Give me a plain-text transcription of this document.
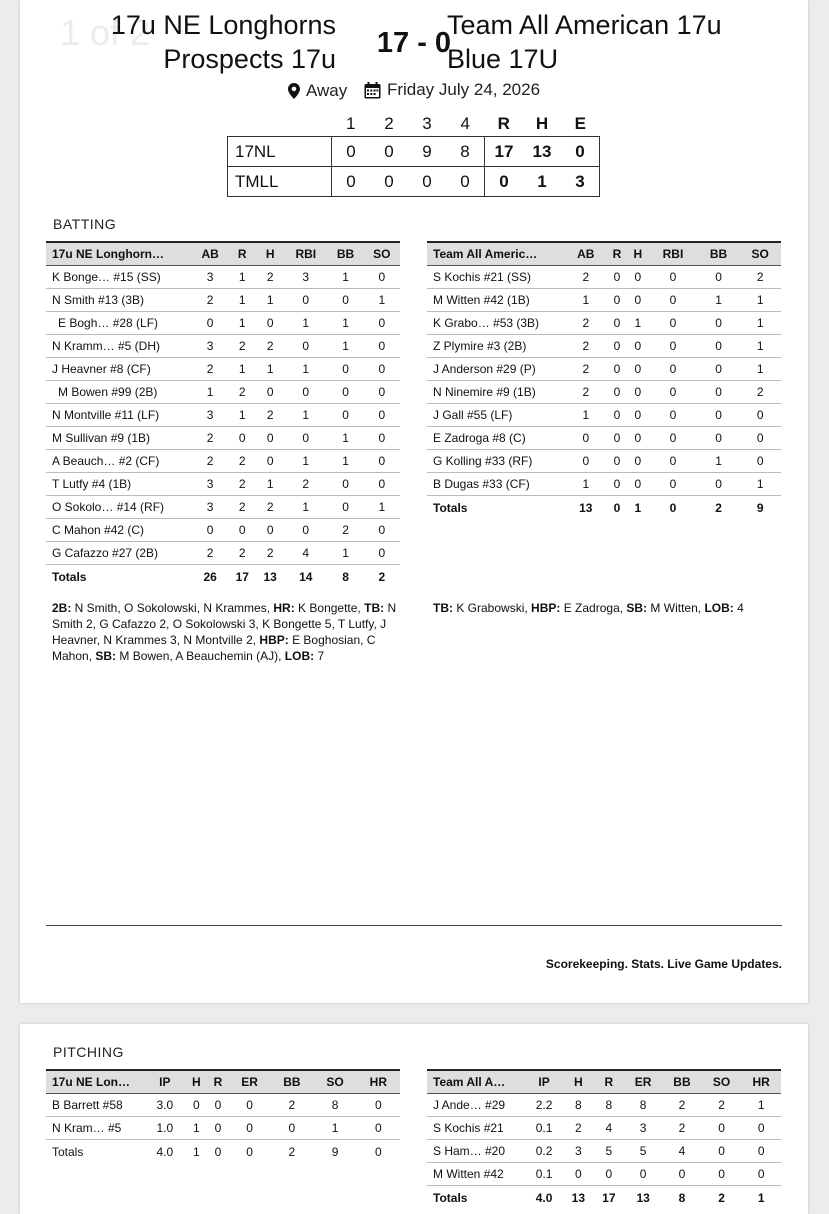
1 of 2
17u NE Longhorns
Prospects 17u	17 - 0
Team All American 17u
Blue 17U
Away
Friday July 24, 2026
	1	2	3	4	R	H	E
17NL	0	0	9	8	17	13	0
TMLL	0	0	0	0	0	1	3
BATTING
17u NE Longhorn…	AB	R	H	RBI	BB	SO
K Bonge… #15 (SS)	3	1	2	3	1	0
N Smith #13 (3B)	2	1	1	0	0	1
E Bogh… #28 (LF)	0	1	0	1	1	0
N Kramm… #5 (DH)	3	2	2	0	1	0
J Heavner #8 (CF)	2	1	1	1	0	0
M Bowen #99 (2B)	1	2	0	0	0	0
N Montville #11 (LF)	3	1	2	1	0	0
M Sullivan #9 (1B)	2	0	0	0	1	0
A Beauch… #2 (CF)	2	2	0	1	1	0
T Lutfy #4 (1B)	3	2	1	2	0	0
O Sokolo… #14 (RF)	3	2	2	1	0	1
C Mahon #42 (C)	0	0	0	0	2	0
G Cafazzo #27 (2B)	2	2	2	4	1	0
Totals	26	17	13	14	8	2
Team All Americ…	AB	R	H	RBI	BB	SO
S Kochis #21 (SS)	2	0	0	0	0	2
M Witten #42 (1B)	1	0	0	0	1	1
K Grabo… #53 (3B)	2	0	1	0	0	1
Z Plymire #3 (2B)	2	0	0	0	0	1
J Anderson #29 (P)	2	0	0	0	0	1
N Ninemire #9 (1B)	2	0	0	0	0	2
J Gall #55 (LF)	1	0	0	0	0	0
E Zadroga #8 (C)	0	0	0	0	0	0
G Kolling #33 (RF)	0	0	0	0	1	0
B Dugas #33 (CF)	1	0	0	0	0	1
Totals	13	0	1	0	2	9
2B: N Smith, O Sokolowski, N Krammes, HR: K Bongette, TB: N Smith 2, G Cafazzo 2, O Sokolowski 3, K Bongette 5, T Lutfy, J Heavner, N Krammes 3, N Montville 2, HBP: E Boghosian, C Mahon, SB: M Bowen, A Beauchemin (AJ), LOB: 7
TB: K Grabowski, HBP: E Zadroga, SB: M Witten, LOB: 4
Scorekeeping. Stats. Live Game Updates.
PITCHING
17u NE Lon…	IP	H	R	ER	BB	SO	HR
B Barrett #58	3.0	0	0	0	2	8	0
N Kram… #5	1.0	1	0	0	0	1	0
Totals	4.0	1	0	0	2	9	0
Team All A…	IP	H	R	ER	BB	SO	HR
J Ande… #29	2.2	8	8	8	2	2	1
S Kochis #21	0.1	2	4	3	2	0	0
S Ham… #20	0.2	3	5	5	4	0	0
M Witten #42	0.1	0	0	0	0	0	0
Totals	4.0	13	17	13	8	2	1
